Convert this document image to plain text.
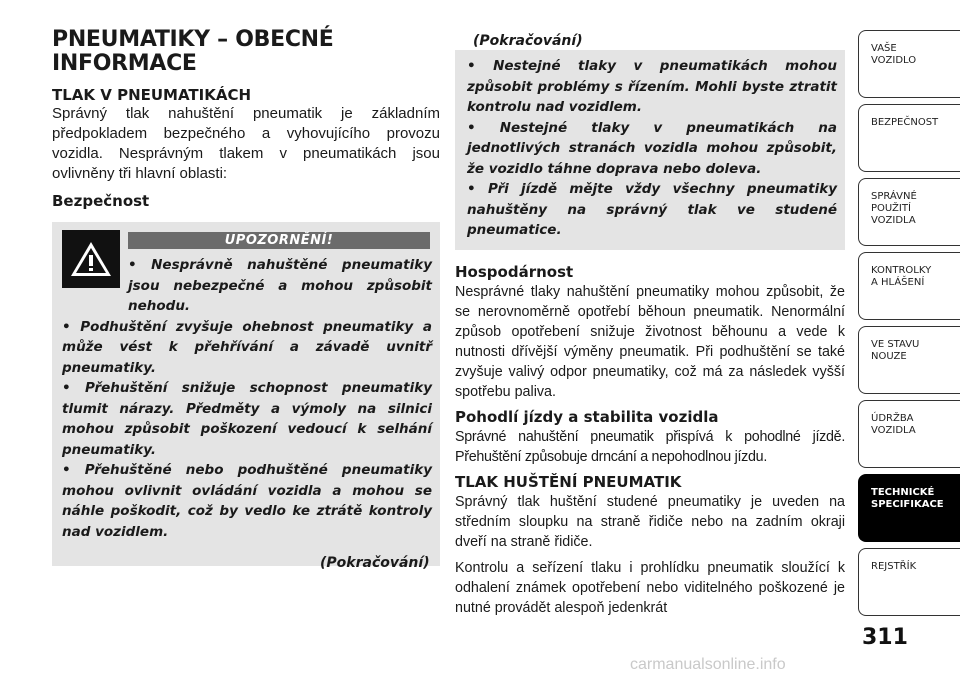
PNEUMATIKY – OBECNÉ
INFORMACE
TLAK V PNEUMATIKÁCH

Správný tlak nahuštění pneumatik je základním předpokladem bezpečného a vyhovujícího provozu vozidla. Nesprávným tlakem v pneumatikách jsou ovlivněny tři hlavní oblasti:

Bezpečnost

UPOZORNĚNÍ!

• Nesprávně nahuštěné pneumatiky jsou nebezpečné a mohou způsobit nehodu.

• Podhuštění zvyšuje ohebnost pneumatiky a může vést k přehřívání a závadě uvnitř pneumatiky.

• Přehuštění snižuje schopnost pneumatiky tlumit nárazy. Předměty a výmoly na silnici mohou způsobit poškození vedoucí k selhání pneumatiky.

• Přehuštěné nebo podhuštěné pneumatiky mohou ovlivnit ovládání vozidla a mohou se náhle poškodit, což by vedlo ke ztrátě kontroly nad vozidlem.

(Pokračování)
(Pokračování)

• Nestejné tlaky v pneumatikách mohou způsobit problémy s řízením. Mohli byste ztratit kontrolu nad vozidlem.

• Nestejné tlaky v pneumatikách na jednotlivých stranách vozidla mohou způsobit, že vozidlo táhne doprava nebo doleva.

• Při jízdě mějte vždy všechny pneumatiky nahuštěny na správný tlak ve studené pneumatice.

Hospodárnost

Nesprávné tlaky nahuštění pneumatiky mohou způsobit, že se nerovnoměrně opotřebí běhoun pneumatik. Nenormální způsob opotřebení snižuje životnost běhounu a vede k nutnosti dřívější výměny pneumatik. Při podhuštění se také zvyšuje valivý odpor pneumatiky, což má za následek vyšší spotřebu paliva.

Pohodlí jízdy a stabilita vozidla

Správné nahuštění pneumatik přispívá k pohodlné jízdě. Přehuštění způsobuje drncání a nepohodlnou jízdu.

TLAK HUŠTĚNÍ PNEUMATIK

Správný tlak huštění studené pneumatiky je uveden na středním sloupku na straně řidiče nebo na zadním okraji dveří na straně řidiče.

Kontrolu a seřízení tlaku i prohlídku pneumatik sloužící k odhalení známek opotřebení nebo viditelného poškozené je nutné provádět alespoň jedenkrát

VAŠE
VOZIDLO
BEZPEČNOST
SPRÁVNÉ
POUŽITÍ
VOZIDLA
KONTROLKY
A HLÁŠENÍ
VE STAVU
NOUZE
ÚDRŽBA
VOZIDLA
TECHNICKÉ
SPECIFIKACE
REJSTŘÍK
311
carmanualsonline.info
